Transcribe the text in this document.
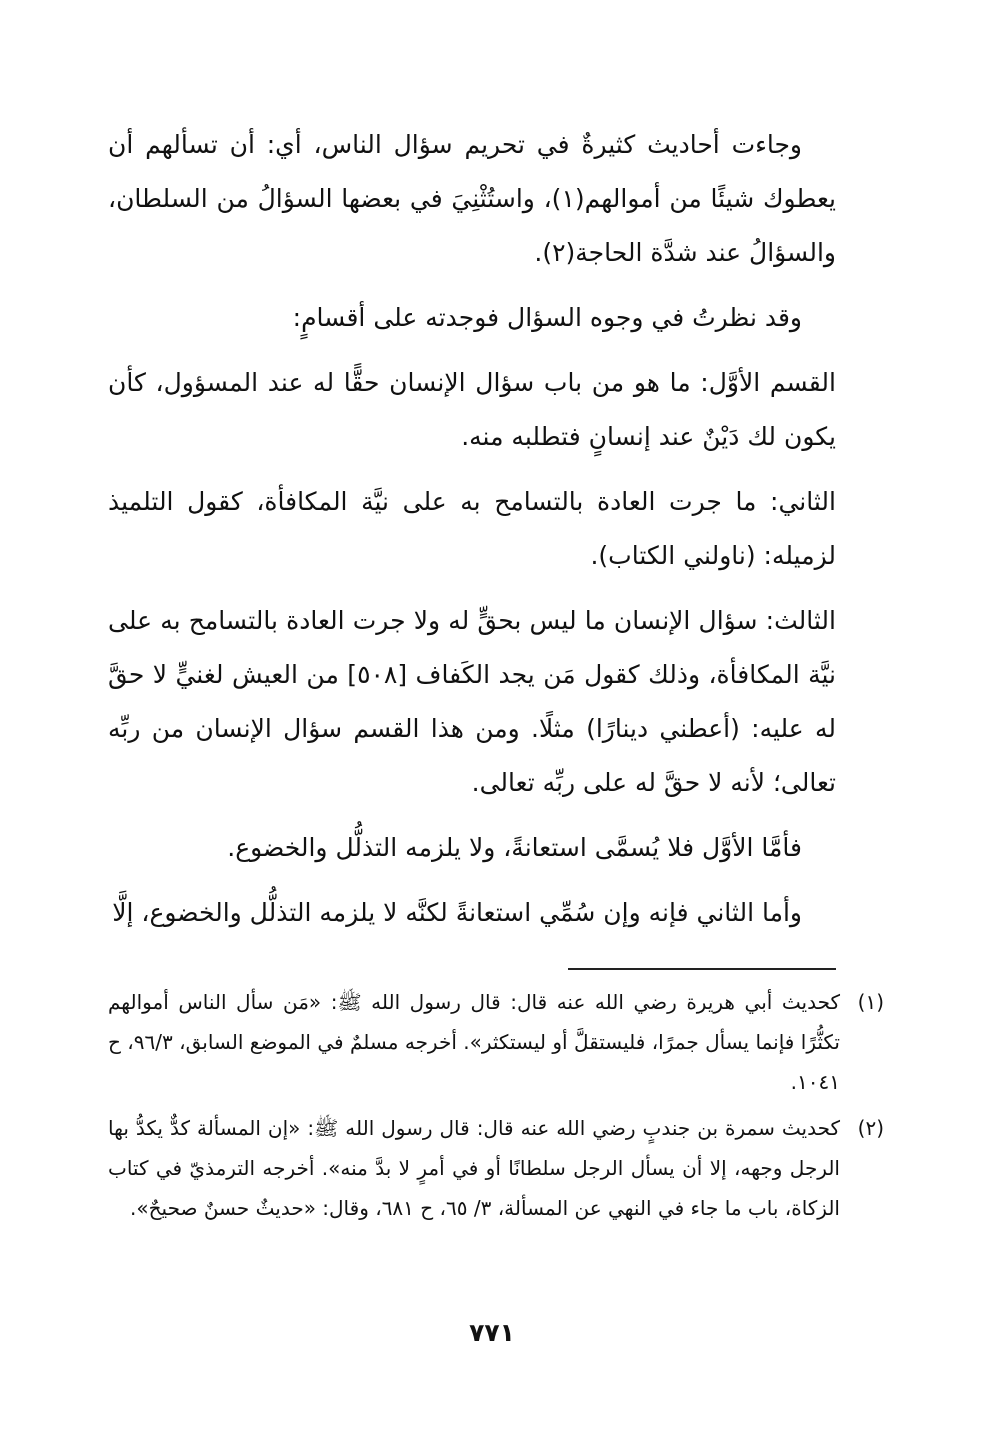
وجاءت أحاديث كثيرةٌ في تحريم سؤال الناس، أي: أن تسألهم أن يعطوك شيئًا من أموالهم(١)، واستُثْنِيَ في بعضها السؤالُ من السلطان، والسؤالُ عند شدَّة الحاجة(٢).

وقد نظرتُ في وجوه السؤال فوجدته على أقسامٍ:

القسم الأوَّل: ما هو من باب سؤال الإنسان حقًّا له عند المسؤول، كأن يكون لك دَيْنٌ عند إنسانٍ فتطلبه منه.

الثاني: ما جرت العادة بالتسامح به على نيَّة المكافأة، كقول التلميذ لزميله: (ناولني الكتاب).

الثالث: سؤال الإنسان ما ليس بحقٍّ له ولا جرت العادة بالتسامح به على نيَّة المكافأة، وذلك كقول مَن يجد الكَفاف [٥٠٨] من العيش لغنيٍّ لا حقَّ له عليه: (أعطني دينارًا) مثلًا. ومن هذا القسم سؤال الإنسان من ربِّه تعالى؛ لأنه لا حقَّ له على ربِّه تعالى.

فأمَّا الأوَّل فلا يُسمَّى استعانةً، ولا يلزمه التذلُّل والخضوع.

وأما الثاني فإنه وإن سُمِّي استعانةً لكنَّه لا يلزمه التذلُّل والخضوع، إلَّا

(١)
كحديث أبي هريرة رضي الله عنه قال: قال رسول الله ﷺ: «مَن سأل الناس أموالهم تكثُّرًا فإنما يسأل جمرًا، فليستقلَّ أو ليستكثر». أخرجه مسلمٌ في الموضع السابق، ٩٦/٣، ح ١٠٤١.
(٢)
كحديث سمرة بن جندبٍ رضي الله عنه قال: قال رسول الله ﷺ: «إن المسألة كدٌّ يكدُّ بها الرجل وجهه، إلا أن يسأل الرجل سلطانًا أو في أمرٍ لا بدَّ منه». أخرجه الترمذيّ في كتاب الزكاة، باب ما جاء في النهي عن المسألة، ٣/ ٦٥، ح ٦٨١، وقال: «حديثٌ حسنٌ صحيحٌ».
٧٧١
